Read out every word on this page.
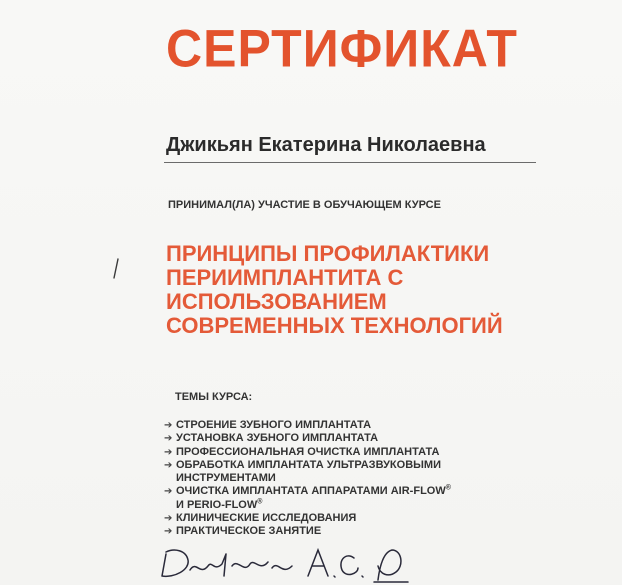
СЕРТИФИКАТ
Джикьян Екатерина Николаевна
ПРИНИМАЛ(ЛА) УЧАСТИЕ В ОБУЧАЮЩЕМ КУРСЕ
ПРИНЦИПЫ ПРОФИЛАКТИКИ
ПЕРИИМПЛАНТИТА С
ИСПОЛЬЗОВАНИЕМ
СОВРЕМЕННЫХ ТЕХНОЛОГИЙ
ТЕМЫ КУРСА:
➔ СТРОЕНИЕ ЗУБНОГО ИМПЛАНТАТА
➔ УСТАНОВКА ЗУБНОГО ИМПЛАНТАТА
➔ ПРОФЕССИОНАЛЬНАЯ ОЧИСТКА ИМПЛАНТАТА
➔ ОБРАБОТКА ИМПЛАНТАТА УЛЬТРАЗВУКОВЫМИ
ИНСТРУМЕНТАМИ
➔ ОЧИСТКА ИМПЛАНТАТА АППАРАТАМИ AIR-FLOW®
И PERIO-FLOW®
➔ КЛИНИЧЕСКИЕ ИССЛЕДОВАНИЯ
➔ ПРАКТИЧЕСКОЕ ЗАНЯТИЕ
